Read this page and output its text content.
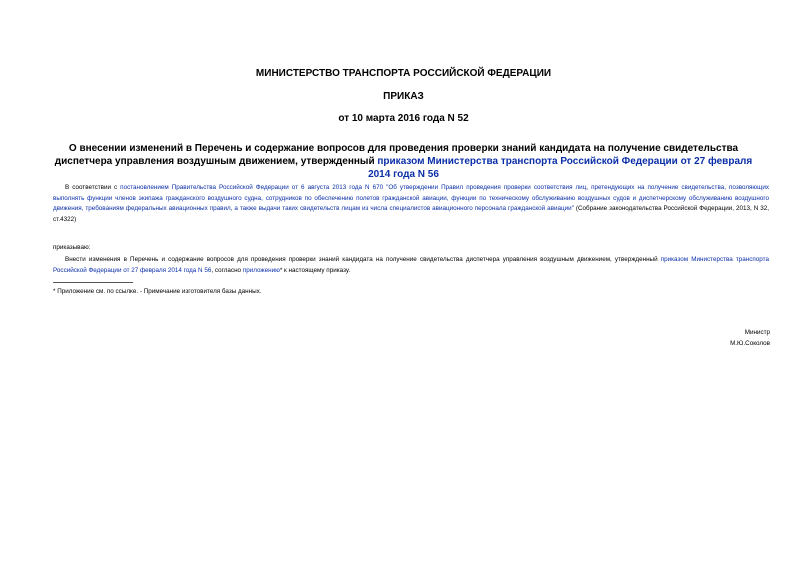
МИНИСТЕРСТВО ТРАНСПОРТА РОССИЙСКОЙ ФЕДЕРАЦИИ
ПРИКАЗ
от 10 марта 2016 года N 52
О внесении изменений в Перечень и содержание вопросов для проведения проверки знаний кандидата на получение свидетельства диспетчера управления воздушным движением, утвержденный приказом Министерства транспорта Российской Федерации от 27 февраля 2014 года N 56
В соответствии с постановлением Правительства Российской Федерации от 6 августа 2013 года N 670 "Об утверждении Правил проведения проверки соответствия лиц, претендующих на получение свидетельства, позволяющих выполнять функции членов экипажа гражданского воздушного судна, сотрудников по обеспечению полетов гражданской авиации, функции по техническому обслуживанию воздушных судов и диспетчерскому обслуживанию воздушного движения, требованиям федеральных авиационных правил, а также выдачи таких свидетельств лицам из числа специалистов авиационного персонала гражданской авиации" (Собрание законодательства Российской Федерации, 2013, N 32, ст.4322)
приказываю:
Внести изменения в Перечень и содержание вопросов для проведения проверки знаний кандидата на получение свидетельства диспетчера управления воздушным движением, утвержденный приказом Министерства транспорта Российской Федерации от 27 февраля 2014 года N 56, согласно приложению* к настоящему приказу.
* Приложение см. по ссылке. - Примечание изготовителя базы данных.
Министр
М.Ю.Соколов
